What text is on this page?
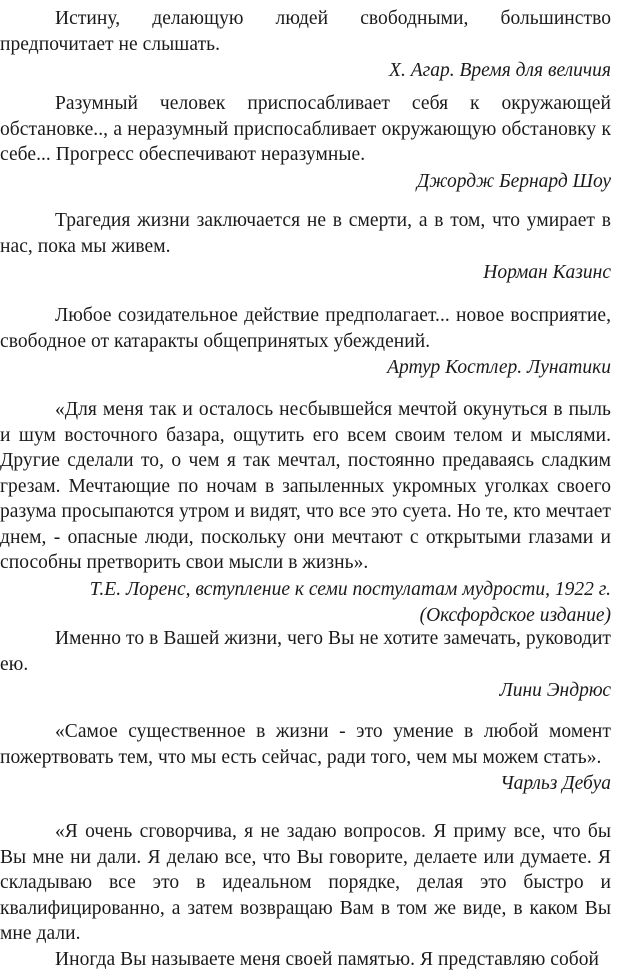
Истину, делающую людей свободными, большинство предпочитает не слышать.

Х. Агар. Время для величия

Разумный человек приспосабливает себя к окружающей обстановке.., а неразумный приспосабливает окружающую обстановку к себе... Прогресс обеспечивают неразумные.

Джордж Бернард Шоу

Трагедия жизни заключается не в смерти, а в том, что умирает в нас, пока мы живем.

Норман Казинс

Любое созидательное действие предполагает... новое восприятие, свободное от катаракты общепринятых убеждений.

Артур Костлер. Лунатики

«Для меня так и осталось несбывшейся мечтой окунуться в пыль и шум восточного базара, ощутить его всем своим телом и мыслями. Другие сделали то, о чем я так мечтал, постоянно предаваясь сладким грезам. Мечтающие по ночам в запыленных укромных уголках своего разума просыпаются утром и видят, что все это суета. Но те, кто мечтает днем, - опасные люди, поскольку они мечтают с открытыми глазами и способны претворить свои мысли в жизнь».

Т.Е. Лоренс, вступление к семи постулатам мудрости, 1922 г.
(Оксфордское издание)

Именно то в Вашей жизни, чего Вы не хотите замечать, руководит ею.

Лини Эндрюс

«Самое существенное в жизни - это умение в любой момент пожертвовать тем, что мы есть сейчас, ради того, чем мы можем стать».

Чарльз Дебуа

«Я очень сговорчива, я не задаю вопросов. Я приму все, что бы Вы мне ни дали. Я делаю все, что Вы говорите, делаете или думаете. Я складываю все это в идеальном порядке, делая это быстро и квалифицированно, а затем возвращаю Вам в том же виде, в каком Вы мне дали.

Иногда Вы называете меня своей памятью. Я представляю собой
